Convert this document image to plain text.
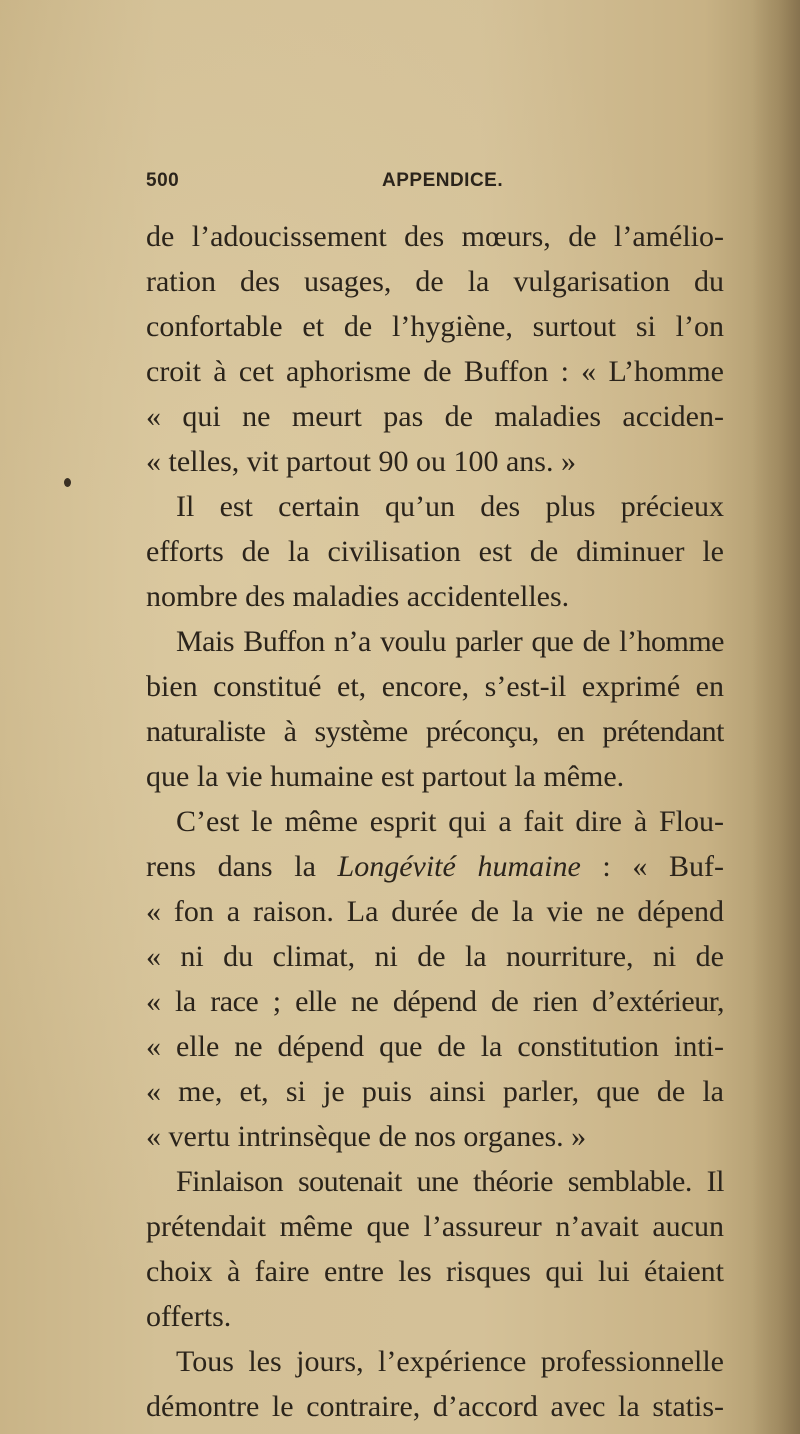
500	APPENDICE.
de l’adoucissement des mœurs, de l’amélio-
ration des usages, de la vulgarisation du
confortable et de l’hygiène, surtout si l’on
croit à cet aphorisme de Buffon : « L’homme
« qui ne meurt pas de maladies acciden-
« telles, vit partout 90 ou 100 ans. »
Il est certain qu’un des plus précieux
efforts de la civilisation est de diminuer le
nombre des maladies accidentelles.
Mais Buffon n’a voulu parler que de l’homme
bien constitué et, encore, s’est-il exprimé en
naturaliste à système préconçu, en prétendant
que la vie humaine est partout la même.
C’est le même esprit qui a fait dire à Flou-
rens dans la Longévité humaine : « Buf-
« fon a raison. La durée de la vie ne dépend
« ni du climat, ni de la nourriture, ni de
« la race ; elle ne dépend de rien d’extérieur,
« elle ne dépend que de la constitution inti-
« me, et, si je puis ainsi parler, que de la
« vertu intrinsèque de nos organes. »
Finlaison soutenait une théorie semblable. Il
prétendait même que l’assureur n’avait aucun
choix à faire entre les risques qui lui étaient
offerts.
Tous les jours, l’expérience professionnelle
démontre le contraire, d’accord avec la statis-
